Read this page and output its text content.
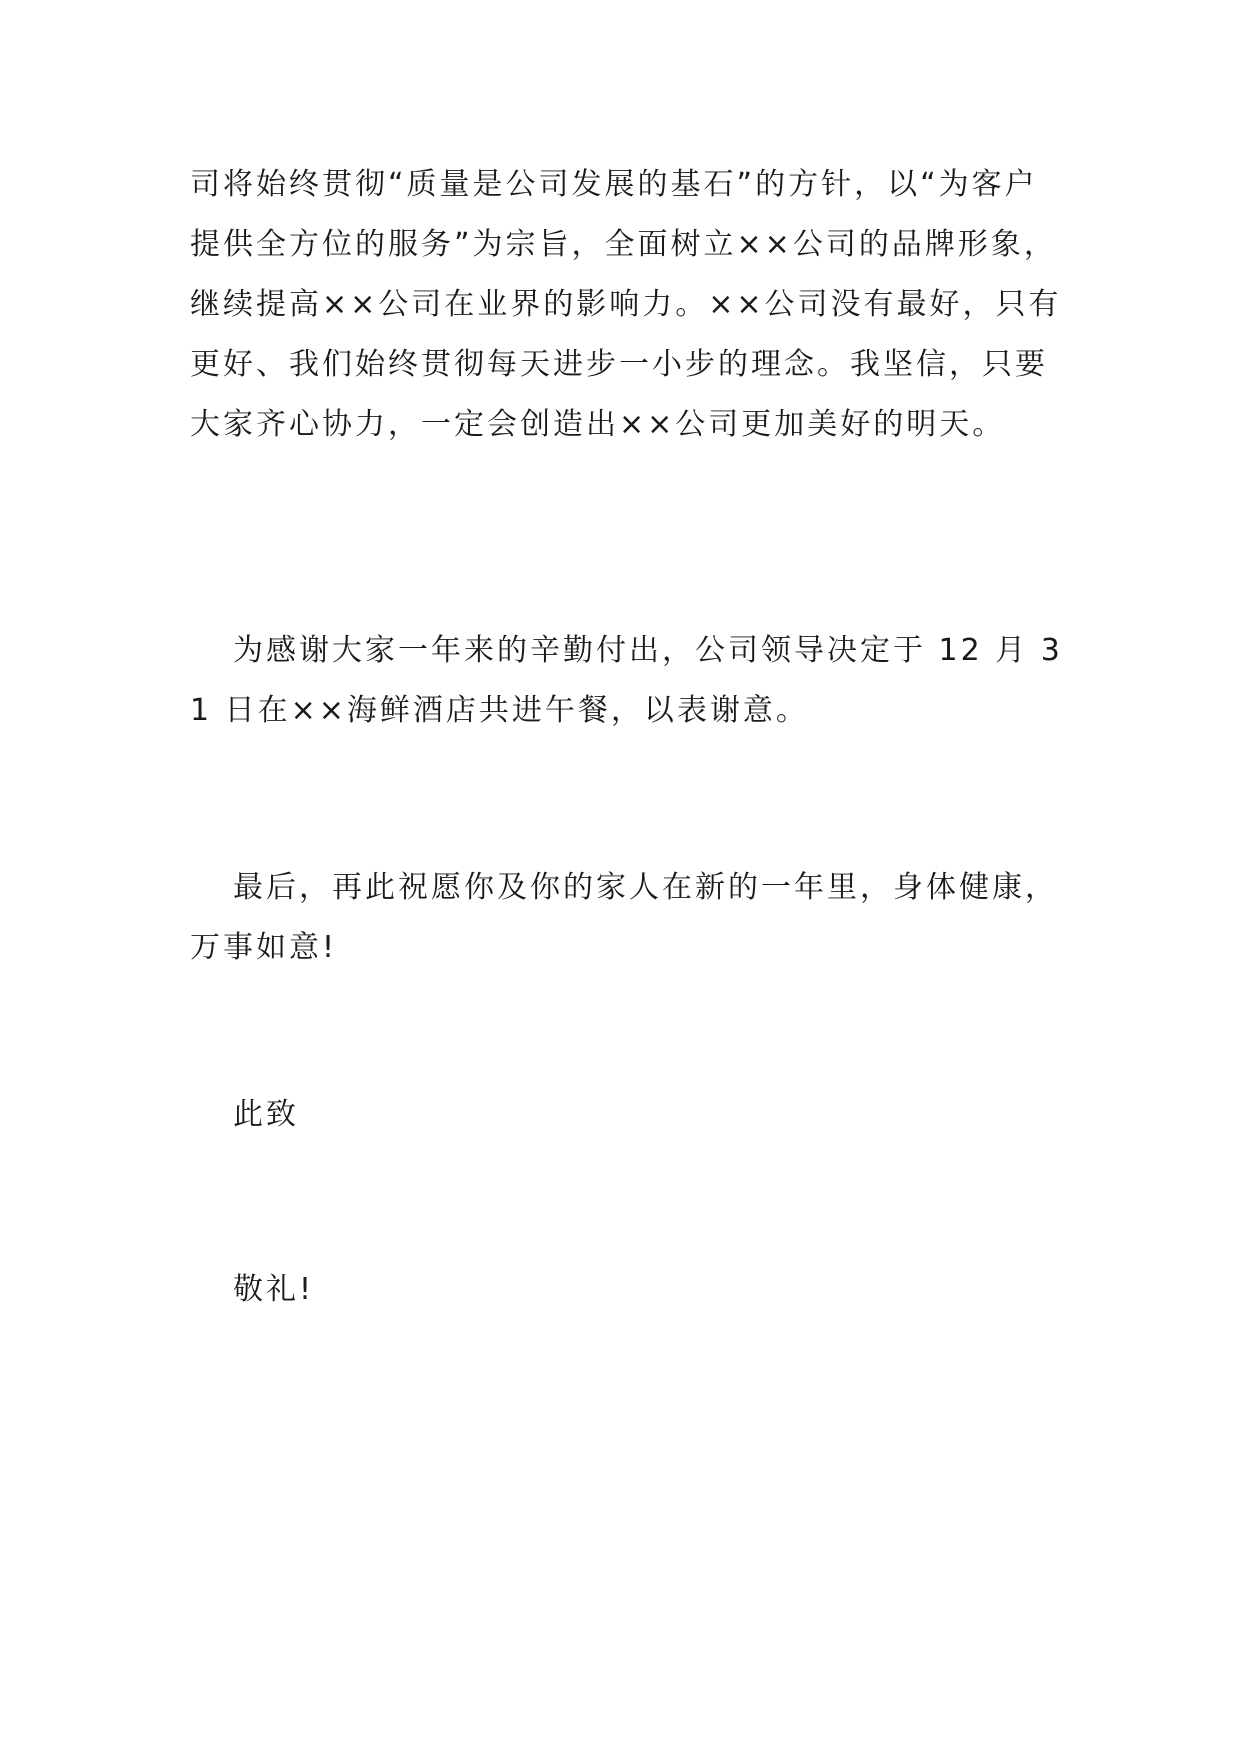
司将始终贯彻“质量是公司发展的基石”的方针，以“为客户提供全方位的服务”为宗旨，全面树立××公司的品牌形象，继续提高××公司在业界的影响力。××公司没有最好，只有更好、我们始终贯彻每天进步一小步的理念。我坚信，只要大家齐心协力，一定会创造出××公司更加美好的明天。

为感谢大家一年来的辛勤付出，公司领导决定于 12 月 31 日在××海鲜酒店共进午餐，以表谢意。

最后，再此祝愿你及你的家人在新的一年里，身体健康，万事如意!

此致

敬礼!
